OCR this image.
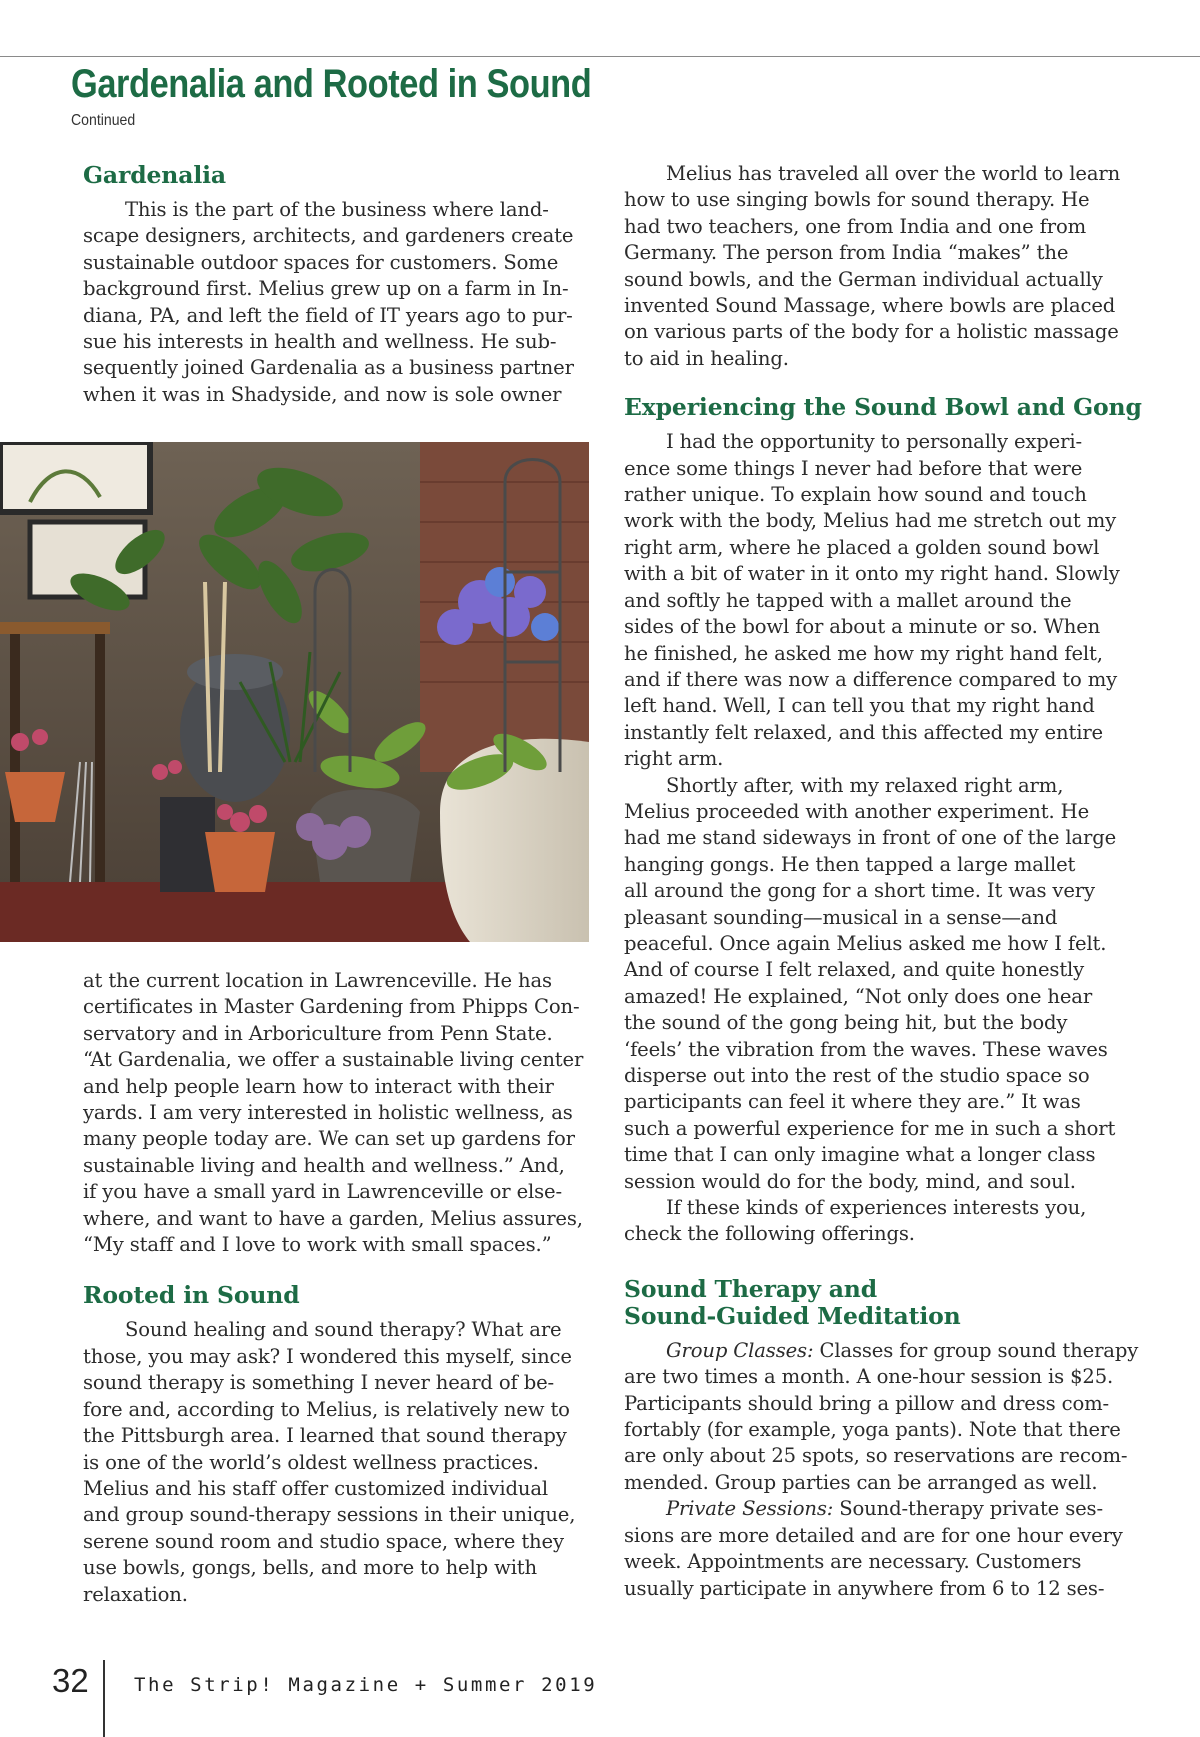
Gardenalia and Rooted in Sound
Continued
Gardenalia
This is the part of the business where land-
scape designers, architects, and gardeners create
sustainable outdoor spaces for customers. Some
background first. Melius grew up on a farm in In-
diana, PA, and left the field of IT years ago to pur-
sue his interests in health and wellness. He sub-
sequently joined Gardenalia as a business partner
when it was in Shadyside, and now is sole owner
at the current location in Lawrenceville. He has
certificates in Master Gardening from Phipps Con-
servatory and in Arboriculture from Penn State.
“At Gardenalia, we offer a sustainable living center
and help people learn how to interact with their
yards. I am very interested in holistic wellness, as
many people today are. We can set up gardens for
sustainable living and health and wellness.” And,
if you have a small yard in Lawrenceville or else-
where, and want to have a garden, Melius assures,
“My staff and I love to work with small spaces.”
Rooted in Sound
Sound healing and sound therapy? What are
those, you may ask? I wondered this myself, since
sound therapy is something I never heard of be-
fore and, according to Melius, is relatively new to
the Pittsburgh area. I learned that sound therapy
is one of the world’s oldest wellness practices.
Melius and his staff offer customized individual
and group sound-therapy sessions in their unique,
serene sound room and studio space, where they
use bowls, gongs, bells, and more to help with
relaxation.
Melius has traveled all over the world to learn
how to use singing bowls for sound therapy. He
had two teachers, one from India and one from
Germany. The person from India “makes” the
sound bowls, and the German individual actually
invented Sound Massage, where bowls are placed
on various parts of the body for a holistic massage
to aid in healing.
Experiencing the Sound Bowl and Gong
I had the opportunity to personally experi-
ence some things I never had before that were
rather unique. To explain how sound and touch
work with the body, Melius had me stretch out my
right arm, where he placed a golden sound bowl
with a bit of water in it onto my right hand. Slowly
and softly he tapped with a mallet around the
sides of the bowl for about a minute or so. When
he finished, he asked me how my right hand felt,
and if there was now a difference compared to my
left hand. Well, I can tell you that my right hand
instantly felt relaxed, and this affected my entire
right arm.
Shortly after, with my relaxed right arm,
Melius proceeded with another experiment. He
had me stand sideways in front of one of the large
hanging gongs. He then tapped a large mallet
all around the gong for a short time. It was very
pleasant sounding—musical in a sense—and
peaceful. Once again Melius asked me how I felt.
And of course I felt relaxed, and quite honestly
amazed! He explained, “Not only does one hear
the sound of the gong being hit, but the body
‘feels’ the vibration from the waves. These waves
disperse out into the rest of the studio space so
participants can feel it where they are.” It was
such a powerful experience for me in such a short
time that I can only imagine what a longer class
session would do for the body, mind, and soul.
If these kinds of experiences interests you,
check the following offerings.
Sound Therapy and
Sound-Guided Meditation
Group Classes: Classes for group sound therapy
are two times a month. A one-hour session is $25.
Participants should bring a pillow and dress com-
fortably (for example, yoga pants). Note that there
are only about 25 spots, so reservations are recom-
mended. Group parties can be arranged as well.
Private Sessions: Sound-therapy private ses-
sions are more detailed and are for one hour every
week. Appointments are necessary. Customers
usually participate in anywhere from 6 to 12 ses-
32 The Strip! Magazine + Summer 2019
